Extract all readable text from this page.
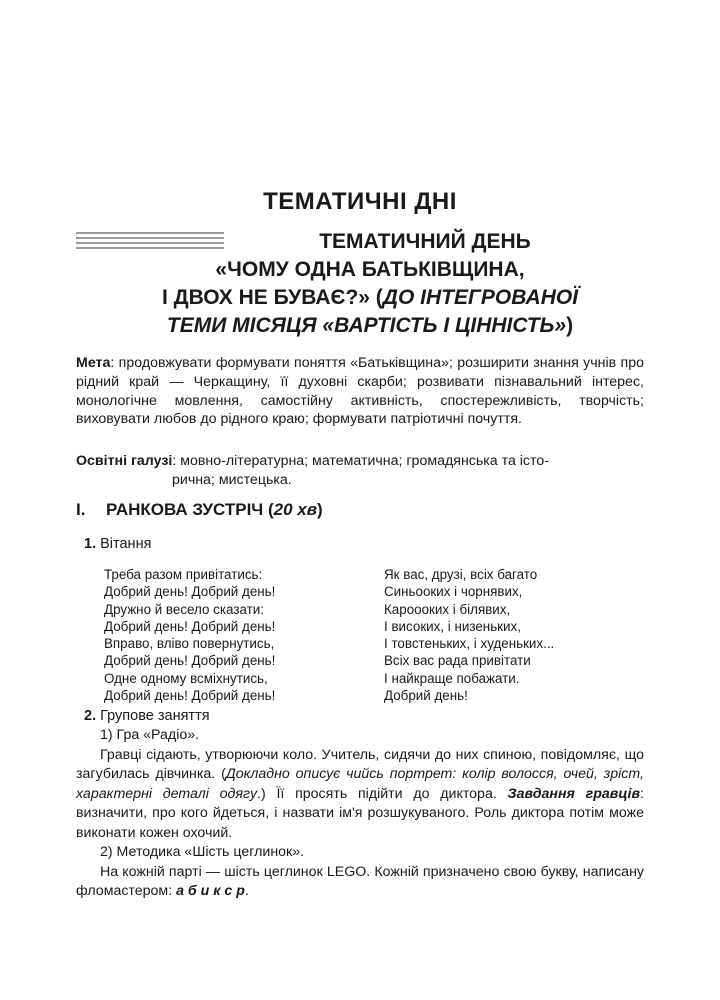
ТЕМАТИЧНІ ДНІ
ТЕМАТИЧНИЙ ДЕНЬ
«ЧОМУ ОДНА БАТЬКІВЩИНА,
І ДВОХ НЕ БУВАЄ?» (ДО ІНТЕГРОВАНОЇ
ТЕМИ МІСЯЦЯ «ВАРТІСТЬ І ЦІННІСТЬ»)
Мета: продовжувати формувати поняття «Батьківщина»; розширити знання учнів про рідний край — Черкащину, її духовні скарби; розвивати пізнавальний інтерес, монологічне мовлення, самостійну активність, спостережливість, творчість; виховувати любов до рідного краю; формувати патріотичні почуття.
Освітні галузі: мовно-літературна; математична; громадянська та істо-
рична; мистецька.
I. РАНКОВА ЗУСТРІЧ (20 хв)
1. Вітання
Треба разом привітатись:
Добрий день! Добрий день!
Дружно й весело сказати:
Добрий день! Добрий день!
Вправо, вліво повернутись,
Добрий день! Добрий день!
Одне одному всміхнутись,
Добрий день! Добрий день!
Як вас, друзі, всіх багато
Синьооких і чорнявих,
Кароооких і білявих,
І високих, і низеньких,
І товстеньких, і худеньких...
Всіх вас рада привітати
І найкраще побажати.
Добрий день!
2. Групове заняття

1) Гра «Радіо».

Гравці сідають, утворюючи коло. Учитель, сидячи до них спиною, повідомляє, що загубилась дівчинка. (Докладно описує чийсь портрет: колір волосся, очей, зріст, характерні деталі одягу.) Її просять підійти до диктора. Завдання гравців: визначити, про кого йдеться, і назвати ім'я розшукуваного. Роль диктора потім може виконати кожен охочий.

2) Методика «Шість цеглинок».

На кожній парті — шість цеглинок LEGO. Кожній призначено свою букву, написану фломастером: а б и к с р.
